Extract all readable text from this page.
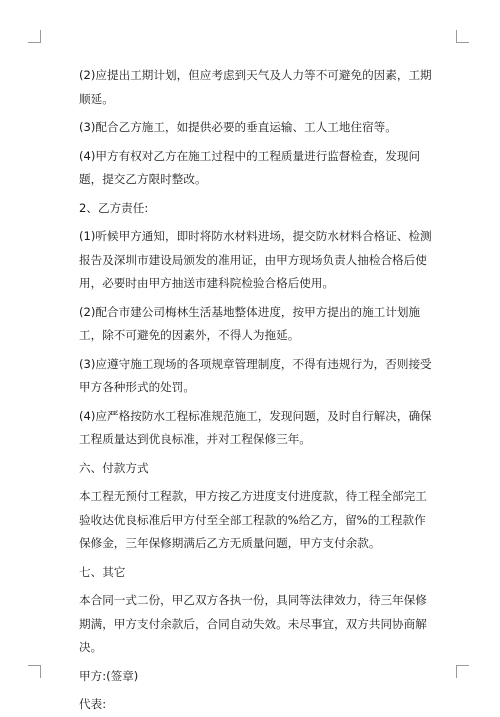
(2)应提出工期计划，但应考虑到天气及人力等不可避免的因素，工期顺延。

(3)配合乙方施工，如提供必要的垂直运输、工人工地住宿等。

(4)甲方有权对乙方在施工过程中的工程质量进行监督检查，发现问题，提交乙方限时整改。

2、乙方责任:

(1)听候甲方通知，即时将防水材料进场，提交防水材料合格证、检测报告及深圳市建设局颁发的准用证，由甲方现场负责人抽检合格后使用，必要时由甲方抽送市建科院检验合格后使用。

(2)配合市建公司梅林生活基地整体进度，按甲方提出的施工计划施工，除不可避免的因素外，不得人为拖延。

(3)应遵守施工现场的各项规章管理制度，不得有违规行为，否则接受甲方各种形式的处罚。

(4)应严格按防水工程标准规范施工，发现问题，及时自行解决，确保工程质量达到优良标准，并对工程保修三年。

六、付款方式

本工程无预付工程款，甲方按乙方进度支付进度款，待工程全部完工验收达优良标准后甲方付至全部工程款的%给乙方，留%的工程款作保修金，三年保修期满后乙方无质量问题，甲方支付余款。

七、其它

本合同一式二份，甲乙双方各执一份，具同等法律效力，待三年保修期满，甲方支付余款后，合同自动失效。未尽事宜，双方共同协商解决。

甲方:(签章)

代表:
